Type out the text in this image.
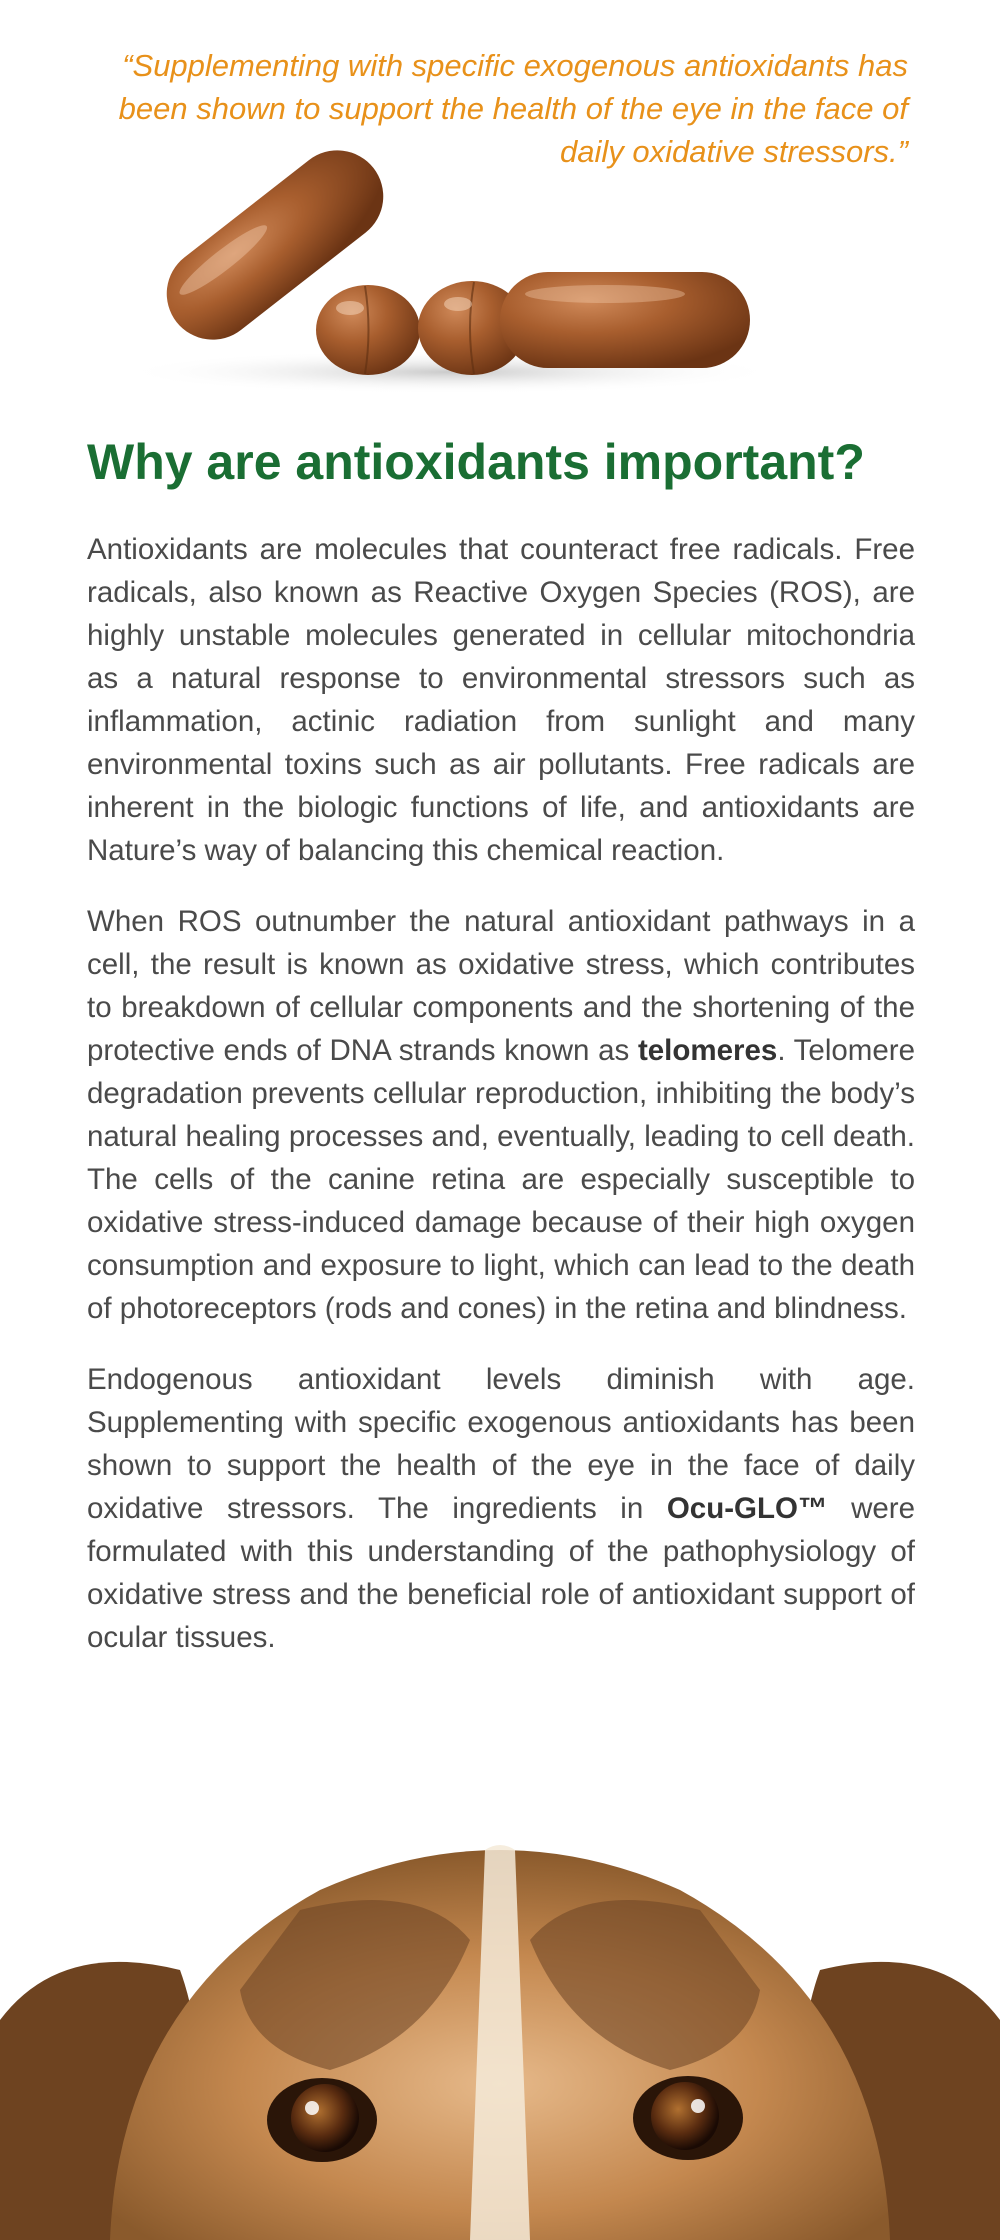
“Supplementing with specific exogenous antioxidants has been shown to support the health of the eye in the face of daily oxidative stressors.”
Why are antioxidants important?

Antioxidants are molecules that counteract free radicals. Free radicals, also known as Reactive Oxygen Species (ROS), are highly unstable molecules generated in cellular mitochondria as a natural response to environmental stressors such as inflammation, actinic radiation from sunlight and many environmental toxins such as air pollutants. Free radicals are inherent in the biologic functions of life, and antioxidants are Nature’s way of balancing this chemical reaction.

When ROS outnumber the natural antioxidant pathways in a cell, the result is known as oxidative stress, which contributes to breakdown of cellular components and the shortening of the protective ends of DNA strands known as telomeres. Telomere degradation prevents cellular reproduction, inhibiting the body’s natural healing processes and, eventually, leading to cell death. The cells of the canine retina are especially susceptible to oxidative stress-induced damage because of their high oxygen consumption and exposure to light, which can lead to the death of photoreceptors (rods and cones) in the retina and blindness.

Endogenous antioxidant levels diminish with age. Supplementing with specific exogenous antioxidants has been shown to support the health of the eye in the face of daily oxidative stressors. The ingredients in Ocu-GLO™ were formulated with this understanding of the pathophysiology of oxidative stress and the beneficial role of antioxidant support of ocular tissues.
